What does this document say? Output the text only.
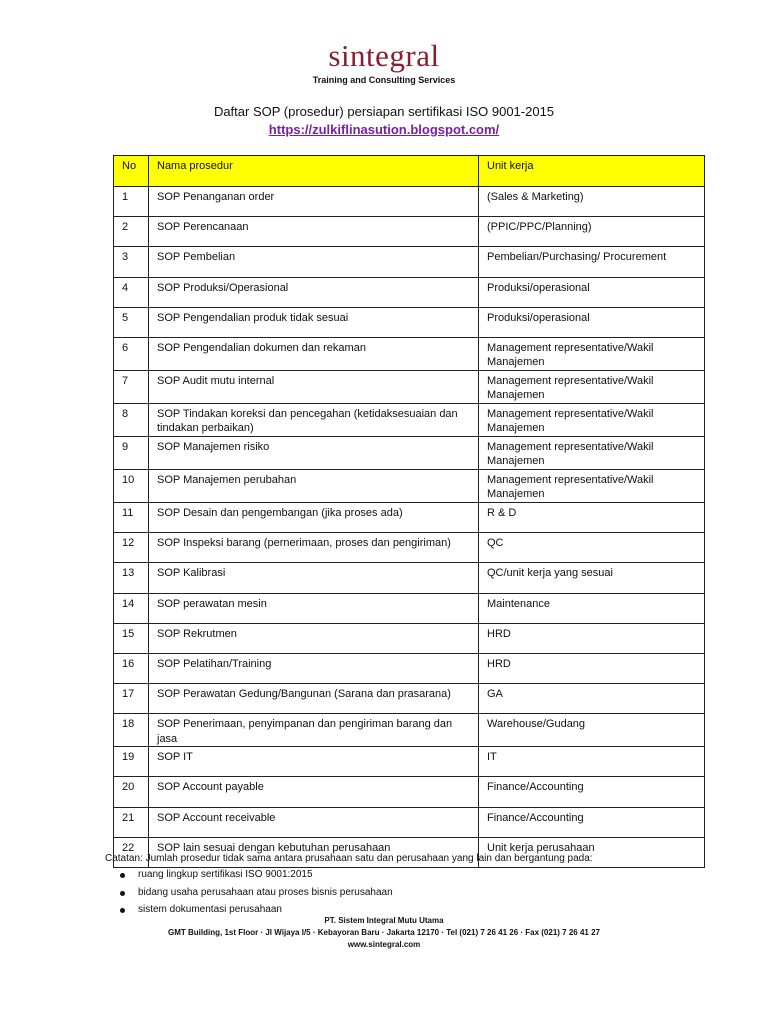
sintegral
Training and Consulting Services
Daftar SOP (prosedur) persiapan sertifikasi ISO 9001-2015
https://zulkiflinasution.blogspot.com/
No	Nama prosedur	Unit kerja
1	SOP Penanganan order	(Sales & Marketing)
2	SOP Perencanaan	(PPIC/PPC/Planning)
3	SOP Pembelian	Pembelian/Purchasing/ Procurement
4	SOP Produksi/Operasional	Produksi/operasional
5	SOP Pengendalian produk tidak sesuai	Produksi/operasional
6	SOP Pengendalian dokumen dan rekaman	Management representative/Wakil Manajemen
7	SOP Audit mutu internal	Management representative/Wakil Manajemen
8	SOP Tindakan koreksi dan pencegahan (ketidaksesuaian dan tindakan perbaikan)	Management representative/Wakil Manajemen
9	SOP Manajemen risiko	Management representative/Wakil Manajemen
10	SOP Manajemen perubahan	Management representative/Wakil Manajemen
11	SOP Desain dan pengembangan (jika proses ada)	R & D
12	SOP Inspeksi barang (pernerimaan, proses dan pengiriman)	QC
13	SOP Kalibrasi	QC/unit kerja yang sesuai
14	SOP perawatan mesin	Maintenance
15	SOP Rekrutmen	HRD
16	SOP Pelatihan/Training	HRD
17	SOP Perawatan Gedung/Bangunan (Sarana dan prasarana)	GA
18	SOP Penerimaan, penyimpanan dan pengiriman barang dan jasa	Warehouse/Gudang
19	SOP IT	IT
20	SOP Account payable	Finance/Accounting
21	SOP Account receivable	Finance/Accounting
22	SOP lain sesuai dengan kebutuhan perusahaan	Unit kerja perusahaan
Catatan: Jumlah prosedur tidak sama antara prusahaan satu dan perusahaan yang lain dan bergantung pada:
ruang lingkup sertifikasi ISO 9001:2015
bidang usaha perusahaan atau proses bisnis perusahaan
sistem dokumentasi perusahaan
PT. Sistem Integral Mutu Utama
GMT Building, 1st Floor · Jl Wijaya I/5 · Kebayoran Baru · Jakarta 12170 · Tel (021) 7 26 41 26 · Fax (021) 7 26 41 27
www.sintegral.com
